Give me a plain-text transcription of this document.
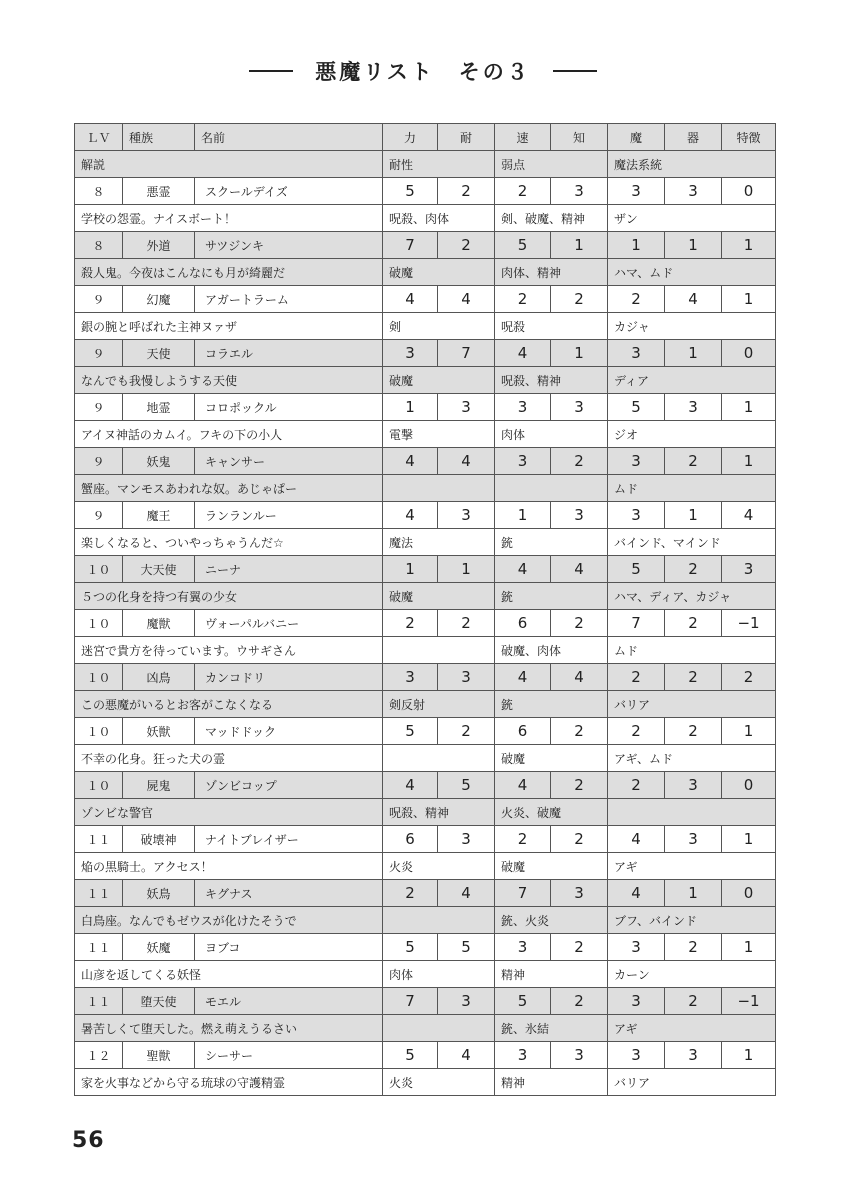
悪魔リスト　その３
ＬＶ	種族	名前	力	耐	速	知	魔	器	特徴
解説			耐性		弱点		魔法系統		
８	悪霊	スクールデイズ	5	2	2	3	3	3	0
学校の怨霊。ナイスボート！			呪殺、肉体		剣、破魔、精神		ザン		
８	外道	サツジンキ	7	2	5	1	1	1	1
殺人鬼。今夜はこんなにも月が綺麗だ			破魔		肉体、精神		ハマ、ムド		
９	幻魔	アガートラーム	4	4	2	2	2	4	1
銀の腕と呼ばれた主神ヌァザ			剣		呪殺		カジャ		
９	天使	コラエル	3	7	4	1	3	1	0
なんでも我慢しようする天使			破魔		呪殺、精神		ディア		
９	地霊	コロポックル	1	3	3	3	5	3	1
アイヌ神話のカムイ。フキの下の小人			電撃		肉体		ジオ		
９	妖鬼	キャンサー	4	4	3	2	3	2	1
蟹座。マンモスあわれな奴。あじゃぱー							ムド		
９	魔王	ランランルー	4	3	1	3	3	1	4
楽しくなると、ついやっちゃうんだ☆			魔法		銃		バインド、マインド		
１０	大天使	ニーナ	1	1	4	4	5	2	3
５つの化身を持つ有翼の少女			破魔		銃		ハマ、ディア、カジャ		
１０	魔獣	ヴォーパルバニー	2	2	6	2	7	2	−1
迷宮で貴方を待っています。ウサギさん					破魔、肉体		ムド		
１０	凶鳥	カンコドリ	3	3	4	4	2	2	2
この悪魔がいるとお客がこなくなる			剣反射		銃		バリア		
１０	妖獣	マッドドック	5	2	6	2	2	2	1
不幸の化身。狂った犬の霊					破魔		アギ、ムド		
１０	屍鬼	ゾンビコップ	4	5	4	2	2	3	0
ゾンビな警官			呪殺、精神		火炎、破魔				
１１	破壊神	ナイトブレイザー	6	3	2	2	4	3	1
焔の黒騎士。アクセス！			火炎		破魔		アギ		
１１	妖鳥	キグナス	2	4	7	3	4	1	0
白鳥座。なんでもゼウスが化けたそうで					銃、火炎		ブフ、バインド		
１１	妖魔	ヨブコ	5	5	3	2	3	2	1
山彦を返してくる妖怪			肉体		精神		カーン		
１１	堕天使	モエル	7	3	5	2	3	2	−1
暑苦しくて堕天した。燃え萌えうるさい					銃、氷結		アギ		
１２	聖獣	シーサー	5	4	3	3	3	3	1
家を火事などから守る琉球の守護精霊			火炎		精神		バリア		
56
